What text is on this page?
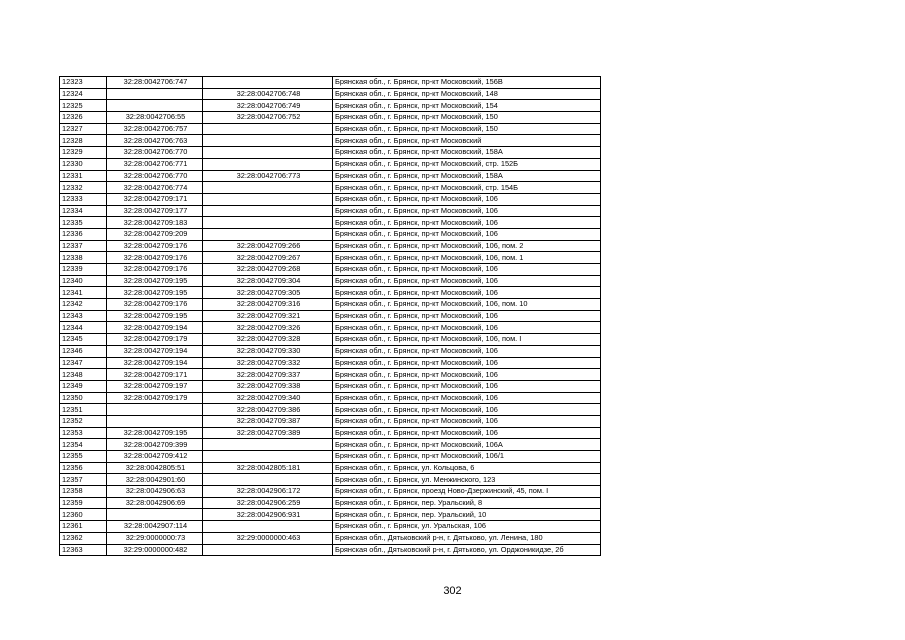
12323	32:28:0042706:747		Брянская обл., г. Брянск, пр-кт Московский, 156В
12324		32:28:0042706:748	Брянская обл., г. Брянск, пр-кт Московский, 148
12325		32:28:0042706:749	Брянская обл., г. Брянск, пр-кт Московский, 154
12326	32:28:0042706:55	32:28:0042706:752	Брянская обл., г. Брянск, пр-кт Московский, 150
12327	32:28:0042706:757		Брянская обл., г. Брянск, пр-кт Московский, 150
12328	32:28:0042706:763		Брянская обл., г. Брянск, пр-кт Московский
12329	32:28:0042706:770		Брянская обл., г. Брянск, пр-кт Московский, 158А
12330	32:28:0042706:771		Брянская обл., г. Брянск, пр-кт Московский, стр. 152Б
12331	32:28:0042706:770	32:28:0042706:773	Брянская обл., г. Брянск, пр-кт Московский, 158А
12332	32:28:0042706:774		Брянская обл., г. Брянск, пр-кт Московский, стр. 154Б
12333	32:28:0042709:171		Брянская обл., г. Брянск, пр-кт Московский, 106
12334	32:28:0042709:177		Брянская обл., г. Брянск, пр-кт Московский, 106
12335	32:28:0042709:183		Брянская обл., г. Брянск, пр-кт Московский, 106
12336	32:28:0042709:209		Брянская обл., г. Брянск, пр-кт Московский, 106
12337	32:28:0042709:176	32:28:0042709:266	Брянская обл., г. Брянск, пр-кт Московский, 106, пом. 2
12338	32:28:0042709:176	32:28:0042709:267	Брянская обл., г. Брянск, пр-кт Московский, 106, пом. 1
12339	32:28:0042709:176	32:28:0042709:268	Брянская обл., г. Брянск, пр-кт Московский, 106
12340	32:28:0042709:195	32:28:0042709:304	Брянская обл., г. Брянск, пр-кт Московский, 106
12341	32:28:0042709:195	32:28:0042709:305	Брянская обл., г. Брянск, пр-кт Московский, 106
12342	32:28:0042709:176	32:28:0042709:316	Брянская обл., г. Брянск, пр-кт Московский, 106, пом. 10
12343	32:28:0042709:195	32:28:0042709:321	Брянская обл., г. Брянск, пр-кт Московский, 106
12344	32:28:0042709:194	32:28:0042709:326	Брянская обл., г. Брянск, пр-кт Московский, 106
12345	32:28:0042709:179	32:28:0042709:328	Брянская обл., г. Брянск, пр-кт Московский, 106, пом. I
12346	32:28:0042709:194	32:28:0042709:330	Брянская обл., г. Брянск, пр-кт Московский, 106
12347	32:28:0042709:194	32:28:0042709:332	Брянская обл., г. Брянск, пр-кт Московский, 106
12348	32:28:0042709:171	32:28:0042709:337	Брянская обл., г. Брянск, пр-кт Московский, 106
12349	32:28:0042709:197	32:28:0042709:338	Брянская обл., г. Брянск, пр-кт Московский, 106
12350	32:28:0042709:179	32:28:0042709:340	Брянская обл., г. Брянск, пр-кт Московский, 106
12351		32:28:0042709:386	Брянская обл., г. Брянск, пр-кт Московский, 106
12352		32:28:0042709:387	Брянская обл., г. Брянск, пр-кт Московский, 106
12353	32:28:0042709:195	32:28:0042709:389	Брянская обл., г. Брянск, пр-кт Московский, 106
12354	32:28:0042709:399		Брянская обл., г. Брянск, пр-кт Московский, 106А
12355	32:28:0042709:412		Брянская обл., г. Брянск, пр-кт Московский, 106/1
12356	32:28:0042805:51	32:28:0042805:181	Брянская обл., г. Брянск, ул. Кольцова, 6
12357	32:28:0042901:60		Брянская обл., г. Брянск, ул. Менжинского, 123
12358	32:28:0042906:63	32:28:0042906:172	Брянская обл., г. Брянск, проезд Ново-Дзержинский, 45, пом. I
12359	32:28:0042906:69	32:28:0042906:259	Брянская обл., г. Брянск, пер. Уральский, 8
12360		32:28:0042906:931	Брянская обл., г. Брянск, пер. Уральский, 10
12361	32:28:0042907:114		Брянская обл., г. Брянск, ул. Уральская, 106
12362	32:29:0000000:73	32:29:0000000:463	Брянская обл., Дятьковский р-н, г. Дятьково, ул. Ленина, 180
12363	32:29:0000000:482		Брянская обл., Дятьковский р-н, г. Дятьково, ул. Орджоникидзе, 2б
302
